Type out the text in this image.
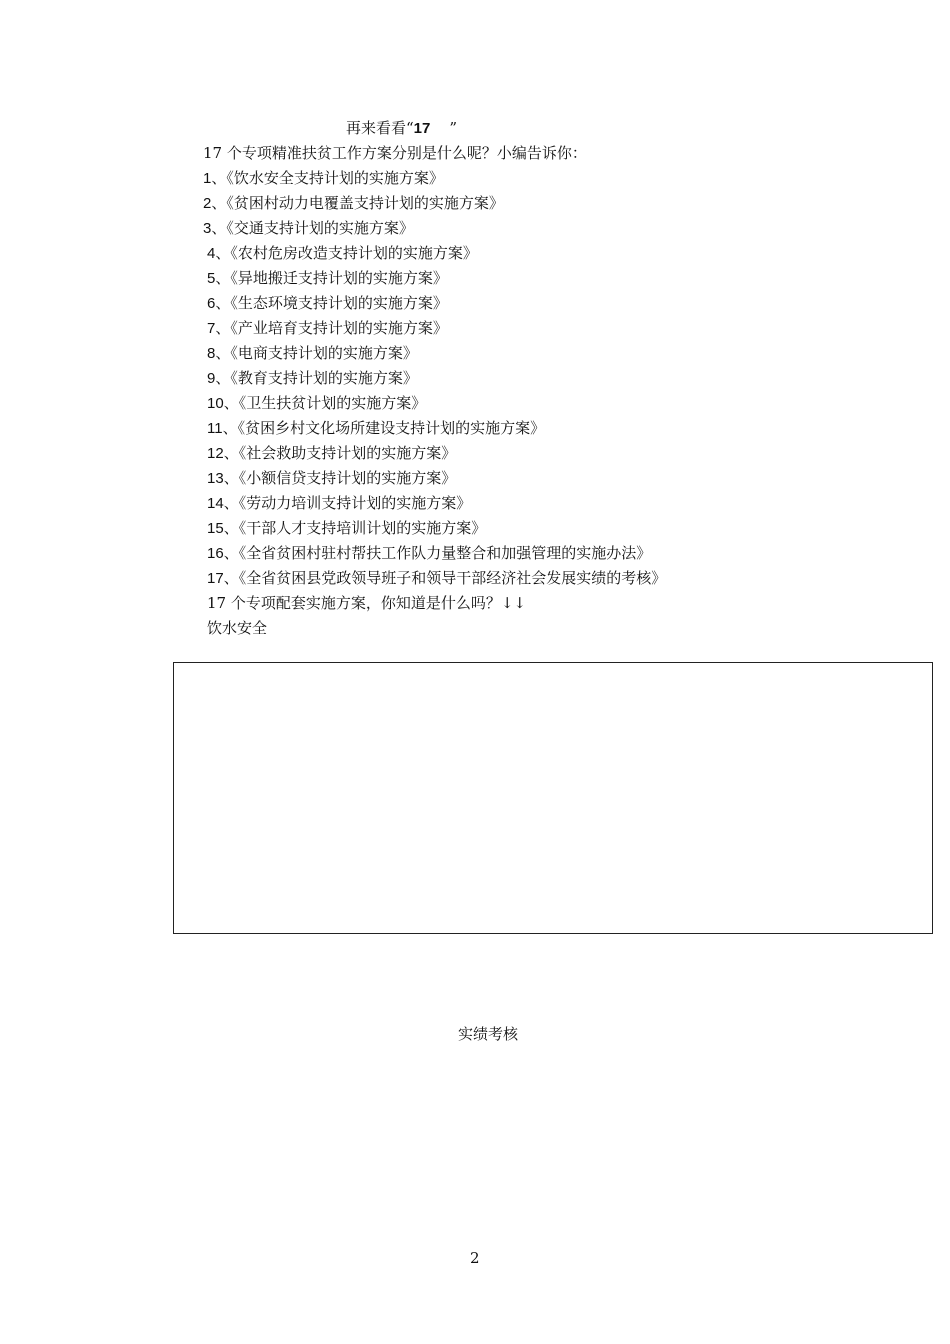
再来看看“17    ”
17 个专项精准扶贫工作方案分别是什么呢？小编告诉你：
1、《饮水安全支持计划的实施方案》
2、《贫困村动力电覆盖支持计划的实施方案》
3、《交通支持计划的实施方案》
4、《农村危房改造支持计划的实施方案》
5、《异地搬迁支持计划的实施方案》
6、《生态环境支持计划的实施方案》
7、《产业培育支持计划的实施方案》
8、《电商支持计划的实施方案》
9、《教育支持计划的实施方案》
10、《卫生扶贫计划的实施方案》
11、《贫困乡村文化场所建设支持计划的实施方案》
12、《社会救助支持计划的实施方案》
13、《小额信贷支持计划的实施方案》
14、《劳动力培训支持计划的实施方案》
15、《干部人才支持培训计划的实施方案》
16、《全省贫困村驻村帮扶工作队力量整合和加强管理的实施办法》
17、《全省贫困县党政领导班子和领导干部经济社会发展实绩的考核》
17 个专项配套实施方案，你知道是什么吗？↓↓
饮水安全
实绩考核
2
